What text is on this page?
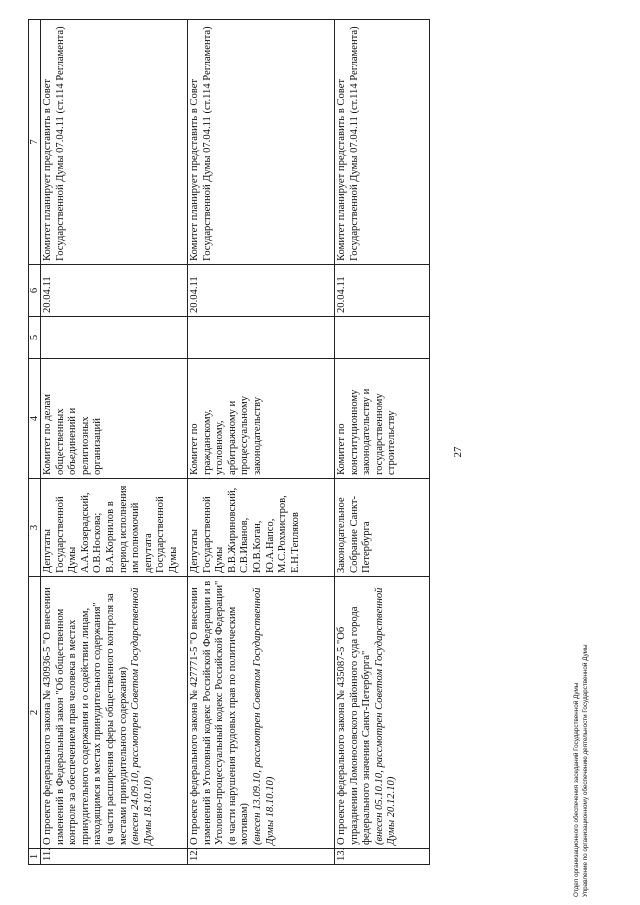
27
1	2	3	4	5	6	7
11.	О проекте федерального закона № 430936-5 "О внесении изменений в Федеральный закон "Об общественном контроле за обеспечением прав человека в местах принудительного содержания и о содействии лицам, находящимся в местах принудительного содержания"
(в части расширения сферы общественного контроля за местами принудительного содержания) (внесен 24.09.10, рассмотрен Советом Государственной Думы 18.10.10)	Депутаты Государственной Думы А.А.Козерадский, О.В.Носкова; В.А.Корнилов в период исполнения им полномочий депутата Государственной Думы	Комитет по делам общественных объединений и религиозных организаций		20.04.11	Комитет планирует представить в Совет Государственной Думы 07.04.11 (ст.114 Регламента)
12.	О проекте федерального закона № 427771-5 "О внесении изменений в Уголовный кодекс Российской Федерации и в Уголовно-процессуальный кодекс Российской Федерации"
(в части нарушения трудовых прав по политическим мотивам) (внесен 13.09.10, рассмотрен Советом Государственной Думы 18.10.10)	Депутаты Государственной Думы В.В.Жириновский, С.В.Иванов, Ю.В.Коган, Ю.А.Напсо, М.С.Рохмистров, Е.Н.Тепляков	Комитет по гражданскому, уголовному, арбитражному и процессуальному законодательству		20.04.11	Комитет планирует представить в Совет Государственной Думы 07.04.11 (ст.114 Регламента)
13.	О проекте федерального закона № 435087-5 "Об упразднении Ломоносовского районного суда города федерального значения Санкт-Петербурга" (внесен 05.10.10, рассмотрен Советом Государственной Думы 20.12.10)	Законодательное Собрание Санкт-Петербурга	Комитет по конституционному законодательству и государственному строительству		20.04.11	Комитет планирует представить в Совет Государственной Думы 07.04.11 (ст.114 Регламента)
Отдел организационного обеспечения заседаний Государственной Думы Управление по организационному обеспечению деятельности Государственной Думы
